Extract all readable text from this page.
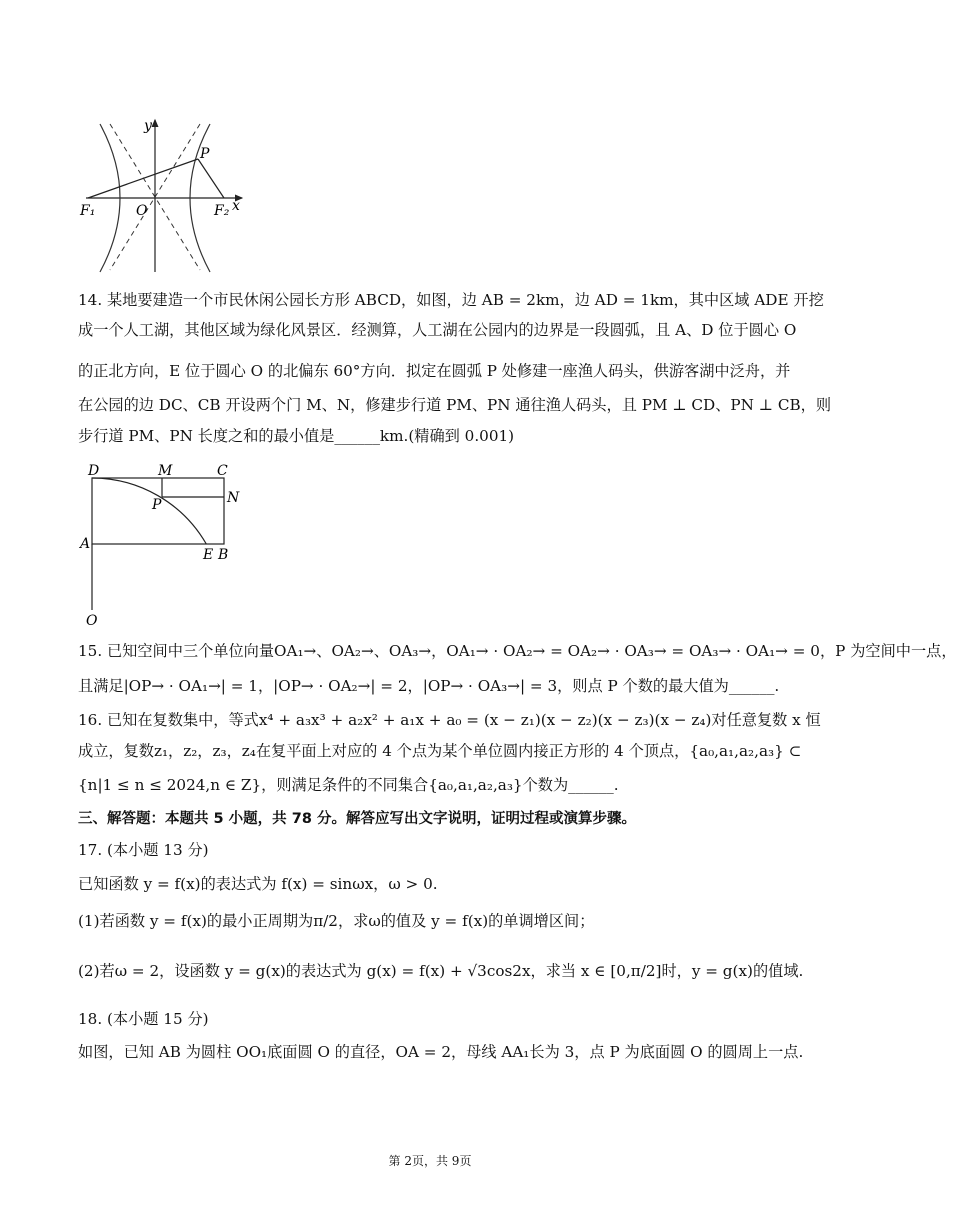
y
x
P
F₁	O	F₂
14. 某地要建造一个市民休闲公园长方形 ABCD，如图，边 AB = 2km，边 AD = 1km，其中区域 ADE 开挖
成一个人工湖，其他区域为绿化风景区．经测算，人工湖在公园内的边界是一段圆弧，且 A、D 位于圆心 O
的正北方向，E 位于圆心 O 的北偏东 60°方向．拟定在圆弧 P 处修建一座渔人码头，供游客湖中泛舟，并
在公园的边 DC、CB 开设两个门 M、N，修建步行道 PM、PN 通往渔人码头，且 PM ⊥ CD、PN ⊥ CB，则
步行道 PM、PN 长度之和的最小值是______km.(精确到 0.001)
D	M	C
N
P
A
E B
O
15. 已知空间中三个单位向量OA₁→、OA₂→、OA₃→，OA₁→ · OA₂→ = OA₂→ · OA₃→ = OA₃→ · OA₁→ = 0，P 为空间中一点，
且满足|OP→ · OA₁→| = 1，|OP→ · OA₂→| = 2，|OP→ · OA₃→| = 3，则点 P 个数的最大值为______.
16. 已知在复数集中，等式x⁴ + a₃x³ + a₂x² + a₁x + a₀ = (x − z₁)(x − z₂)(x − z₃)(x − z₄)对任意复数 x 恒
成立，复数z₁，z₂，z₃，z₄在复平面上对应的 4 个点为某个单位圆内接正方形的 4 个顶点，{a₀,a₁,a₂,a₃} ⊂
{n|1 ≤ n ≤ 2024,n ∈ Z}，则满足条件的不同集合{a₀,a₁,a₂,a₃}个数为______.
三、解答题：本题共 5 小题，共 78 分。解答应写出文字说明，证明过程或演算步骤。
17. (本小题 13 分)
已知函数 y = f(x)的表达式为 f(x) = sinωx，ω > 0.
(1)若函数 y = f(x)的最小正周期为π/2，求ω的值及 y = f(x)的单调增区间；
(2)若ω = 2，设函数 y = g(x)的表达式为 g(x) = f(x) + √3cos2x，求当 x ∈ [0,π/2]时，y = g(x)的值域.
18. (本小题 15 分)
如图，已知 AB 为圆柱 OO₁底面圆 O 的直径，OA = 2，母线 AA₁长为 3，点 P 为底面圆 O 的圆周上一点.
第 2页，共 9页
